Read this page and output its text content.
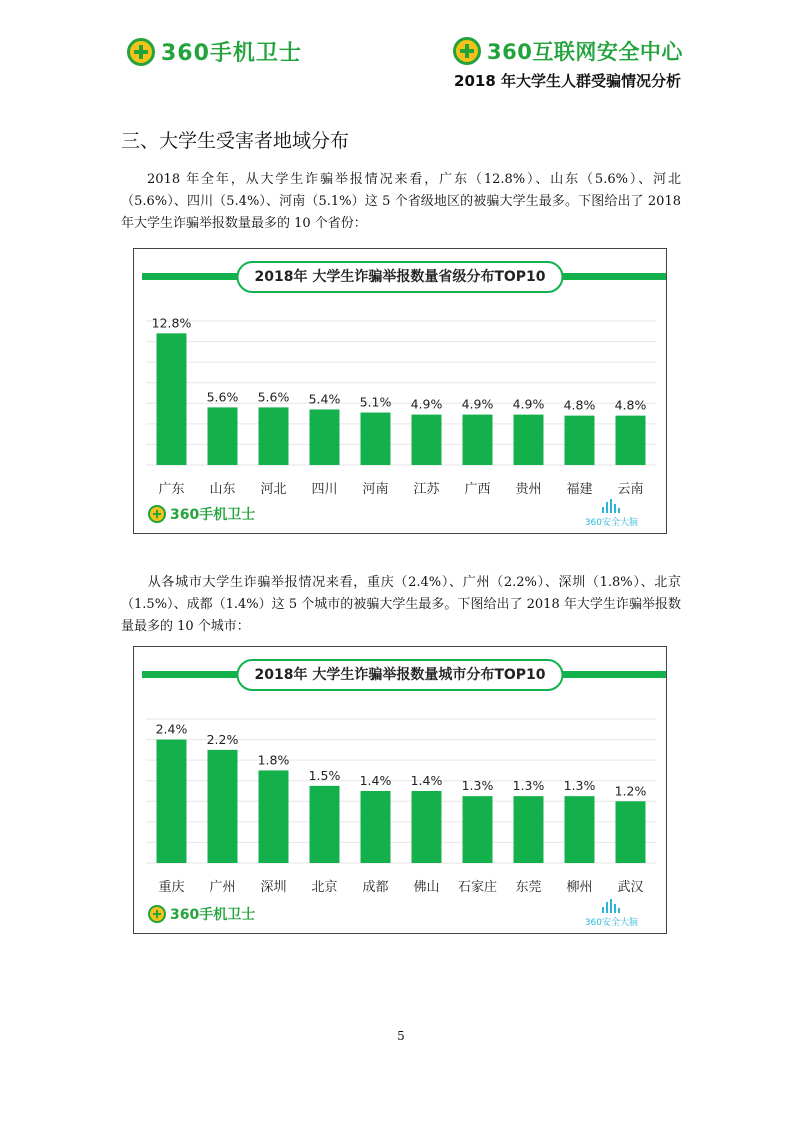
360手机卫士	360互联网安全中心
2018 年大学生人群受骗情况分析
三、大学生受害者地域分布
2018 年全年，从大学生诈骗举报情况来看，广东（12.8%）、山东（5.6%）、河北（5.6%）、四川（5.4%）、河南（5.1%）这 5 个省级地区的被骗大学生最多。下图给出了 2018 年大学生诈骗举报数量最多的 10 个省份：
2018年 大学生诈骗举报数量省级分布TOP10
12.8%
广东
5.6%
山东
5.6%
河北
5.4%
四川
5.1%
河南
4.9%
江苏
4.9%
广西
4.9%
贵州
4.8%
福建
4.8%
云南
360手机卫士	360安全大脑
从各城市大学生诈骗举报情况来看，重庆（2.4%）、广州（2.2%）、深圳（1.8%）、北京（1.5%）、成都（1.4%）这 5 个城市的被骗大学生最多。下图给出了 2018 年大学生诈骗举报数量最多的 10 个城市：
2018年 大学生诈骗举报数量城市分布TOP10
2.4%
重庆
2.2%
广州
1.8%
深圳
1.5%
北京
1.4%
成都
1.4%
佛山
1.3%
石家庄
1.3%
东莞
1.3%
柳州
1.2%
武汉
360手机卫士	360安全大脑
5
